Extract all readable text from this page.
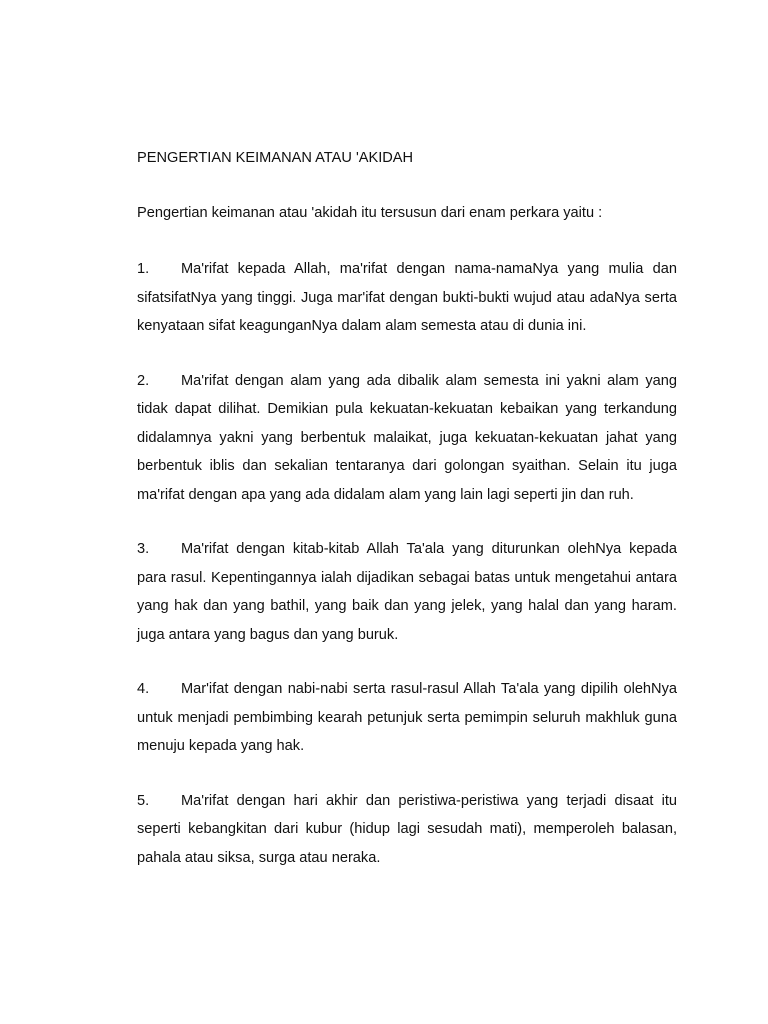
PENGERTIAN KEIMANAN ATAU 'AKIDAH

Pengertian keimanan atau 'akidah itu tersusun dari enam perkara yaitu :

1. Ma'rifat kepada Allah, ma'rifat dengan nama-namaNya yang mulia dan sifatsifatNya yang tinggi. Juga mar'ifat dengan bukti-bukti wujud atau adaNya serta kenyataan sifat keagunganNya dalam alam semesta atau di dunia ini.
2. Ma'rifat dengan alam yang ada dibalik alam semesta ini yakni alam yang tidak dapat dilihat. Demikian pula kekuatan-kekuatan kebaikan yang terkandung didalamnya yakni yang berbentuk malaikat, juga kekuatan-kekuatan jahat yang berbentuk iblis dan sekalian tentaranya dari golongan syaithan. Selain itu juga ma'rifat dengan apa yang ada didalam alam yang lain lagi seperti jin dan ruh.
3. Ma'rifat dengan kitab-kitab Allah Ta'ala yang diturunkan olehNya kepada para rasul. Kepentingannya ialah dijadikan sebagai batas untuk mengetahui antara yang hak dan yang bathil, yang baik dan yang jelek, yang halal dan yang haram. juga antara yang bagus dan yang buruk.
4. Mar'ifat dengan nabi-nabi serta rasul-rasul Allah Ta'ala yang dipilih olehNya untuk menjadi pembimbing kearah petunjuk serta pemimpin seluruh makhluk guna menuju kepada yang hak.
5. Ma'rifat dengan hari akhir dan peristiwa-peristiwa yang terjadi disaat itu seperti kebangkitan dari kubur (hidup lagi sesudah mati), memperoleh balasan, pahala atau siksa, surga atau neraka.
